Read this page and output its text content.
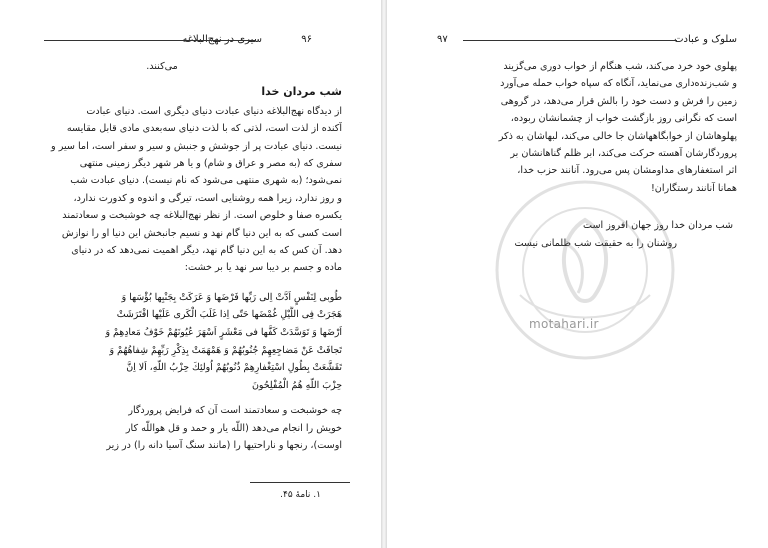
۹۶
سیری در نهج‌البلاغه
می‌کنند.
شب مردان خدا
از دیدگاه نهج‌البلاغه دنیای عبادت دنیای دیگری است. دنیای عبادت
آکنده از لذت است، لذتی که با لذت دنیای سه‌بعدی مادی قابل مقایسه
نیست. دنیای عبادت پر از جوشش و جنبش و سیر و سفر است، اما سیر و
سفری که (به مصر و عراق و شام) و یا هر شهر دیگر زمینی منتهی
نمی‌شود؛ (به شهری منتهی می‌شود که نام نیست). دنیای عبادت شب
و روز ندارد، زیرا همه روشنایی است، تیرگی و اندوه و کدورت ندارد،
یکسره صفا و خلوص است. از نظر نهج‌البلاغه چه خوشبخت و سعادتمند
است کسی که به این دنیا گام نهد و نسیم جانبخش این دنیا او را نوازش
دهد. آن کس که به این دنیا گام نهد، دیگر اهمیت نمی‌دهد که در دنیای
ماده و جسم بر دیبا سر نهد یا بر خشت:
طُوبى لِنَفْسٍ اَدَّتْ اِلى رَبِّها فَرْضَها وَ عَرَكَتْ بِجَنْبِها بُؤْسَها وَ
هَجَرَتْ فِى اللَّيْلِ غُمْضَها حَتّى اِذا غَلَبَ الْكَرى عَلَيْها افْتَرَشَتْ
اَرْضَها وَ تَوَسَّدَتْ كَفَّها فى مَعْشَرٍ اَسْهَرَ عُيُونَهُمْ خَوْفُ مَعادِهِمْ وَ
تَجافَتْ عَنْ مَضاجِعِهِمْ جُنُوبُهُمْ وَ هَمْهَمَتْ بِذِكْرِ رَبِّهِمْ شِفاهُهُمْ وَ
تَقَشَّعَتْ بِطُولِ اسْتِغْفارِهِمْ ذُنُوبُهُمْ اُولئِكَ حِزْبُ اللّهِ، اَلا اِنَّ
حِزْبَ اللّهِ هُمُ الْمُفْلِحُونَ
چه خوشبخت و سعادتمند است آن که فرایض پروردگار
خویش را انجام می‌دهد (اللّه یار و حمد و قل هواللّه کار
اوست)، رنجها و ناراحتیها را (مانند سنگ آسیا دانه را) در زیر
۱. نامهٔ ۴۵.
۹۷	سلوک و عبادت
پهلوی خود خرد می‌کند، شب هنگام از خواب دوری می‌گزیند
و شب‌زنده‌داری می‌نماید، آنگاه که سپاه خواب حمله می‌آورد
زمین را فرش و دست خود را بالش قرار می‌دهد، در گروهی
است که نگرانی روز بازگشت خواب از چشمانشان ربوده،
پهلوهاشان از خوابگاههاشان جا خالی می‌کند، لبهاشان به ذکر
پروردگارشان آهسته حرکت می‌کند، ابر ظلم گناهانشان بر
اثر استغفارهای مداومشان پس می‌رود. آنانند حزب خدا،
همانا آنانند رستگاران!
شب مردان خدا روز جهان افروز است
روشنان را به حقیقت شب ظلمانی نیست
motahari.ir
